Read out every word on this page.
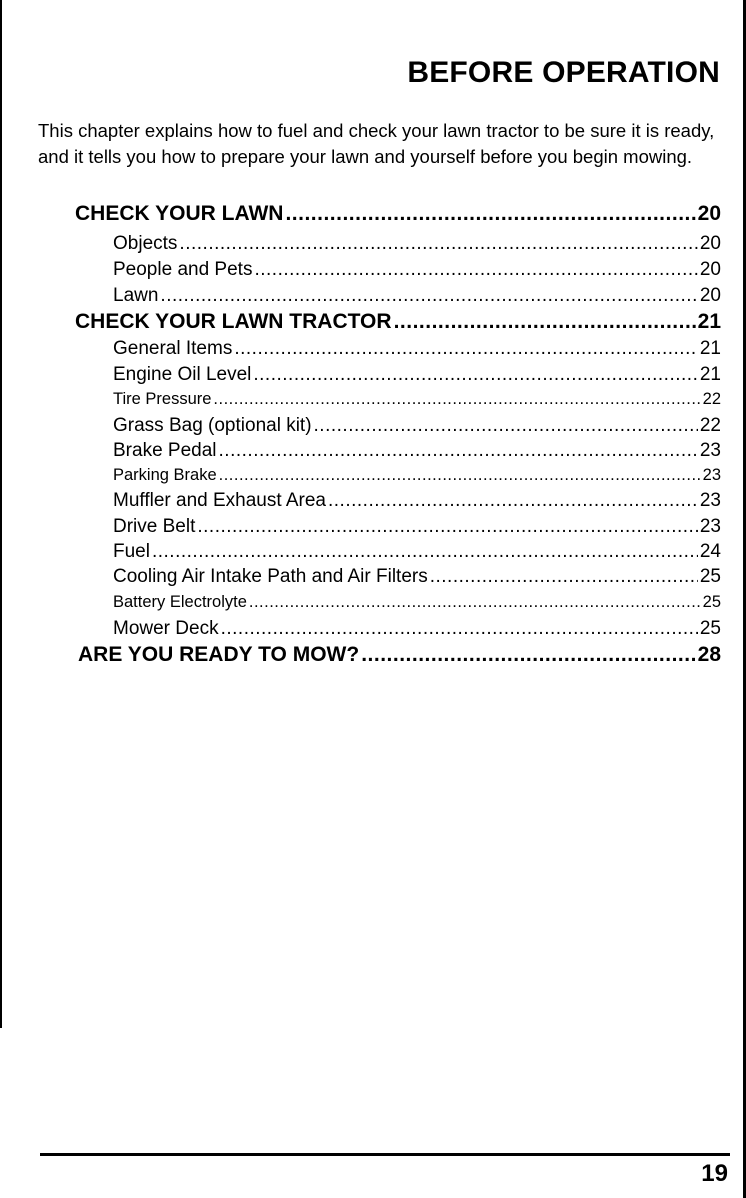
BEFORE OPERATION

This chapter explains how to fuel and check your lawn tractor to be sure it is ready, and it tells you how to prepare your lawn and yourself before you begin mowing.

CHECK YOUR LAWN .....	20
Objects .....	20
People and Pets .....	20
Lawn .....	20
CHECK YOUR LAWN TRACTOR .....	21
General Items .....	21
Engine Oil Level .....	21
Tire Pressure .....	22
Grass Bag (optional kit) .....	22
Brake Pedal .....	23
Parking Brake .....	23
Muffler and Exhaust Area .....	23
Drive Belt .....	23
Fuel .....	24
Cooling Air Intake Path and Air Filters .....	25
Battery Electrolyte .....	25
Mower Deck .....	25
ARE YOU READY TO MOW? .....	28
19
